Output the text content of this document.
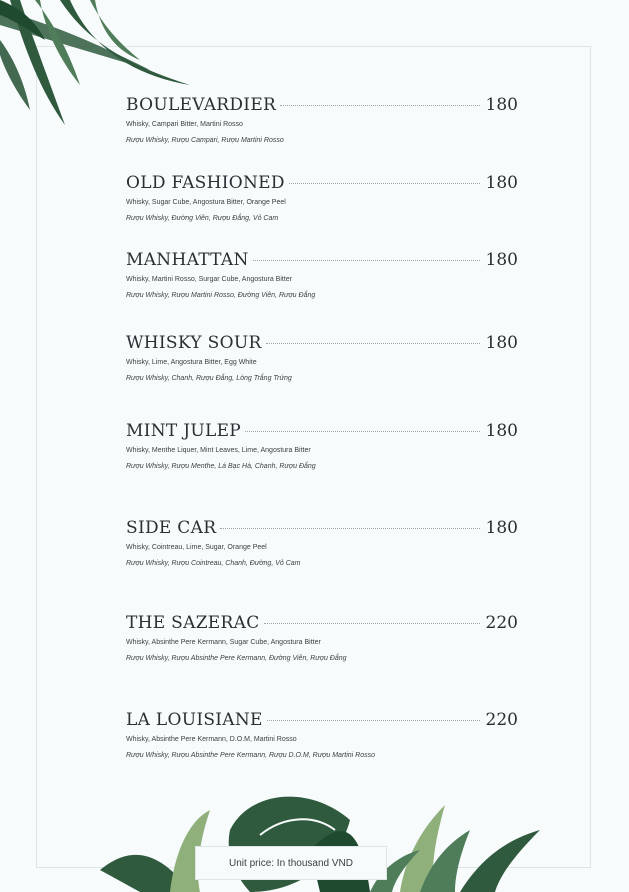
BOULEVARDIER	180
Whisky, Campari Bitter, Martini Rosso
Rượu Whisky, Rượu Campari, Rượu Martini Rosso
OLD FASHIONED	180
Whisky, Sugar Cube, Angostura Bitter, Orange Peel
Rượu Whisky, Đường Viên, Rượu Đắng, Vỏ Cam
MANHATTAN	180
Whisky, Martini Rosso, Surgar Cube, Angostura Bitter
Rượu Whisky, Rượu Martini Rosso, Đường Viên, Rượu Đắng
WHISKY SOUR	180
Whisky, Lime, Angostura Bitter, Egg White
Rượu Whisky, Chanh, Rượu Đắng, Lòng Trắng Trứng
MINT JULEP	180
Whisky, Menthe Liquer, Mint Leaves, Lime, Angostura Bitter
Rượu Whisky, Rượu Menthe, Lá Bạc Hà, Chanh, Rượu Đắng
SIDE CAR	180
Whisky, Cointreau, Lime, Sugar, Orange Peel
Rượu Whisky, Rượu Cointreau, Chanh, Đường, Vỏ Cam
THE SAZERAC	220
Whisky, Absinthe Pere Kermann, Sugar Cube, Angostura Bitter
Rượu Whisky, Rượu Absinthe Pere Kermann, Đường Viên, Rượu Đắng
LA LOUISIANE	220
Whisky, Absinthe Pere Kermann, D.O.M, Martini Rosso
Rượu Whisky, Rượu Absinthe Pere Kermann, Rượu D.O.M, Rượu Martini Rosso
Unit price: In thousand VND
